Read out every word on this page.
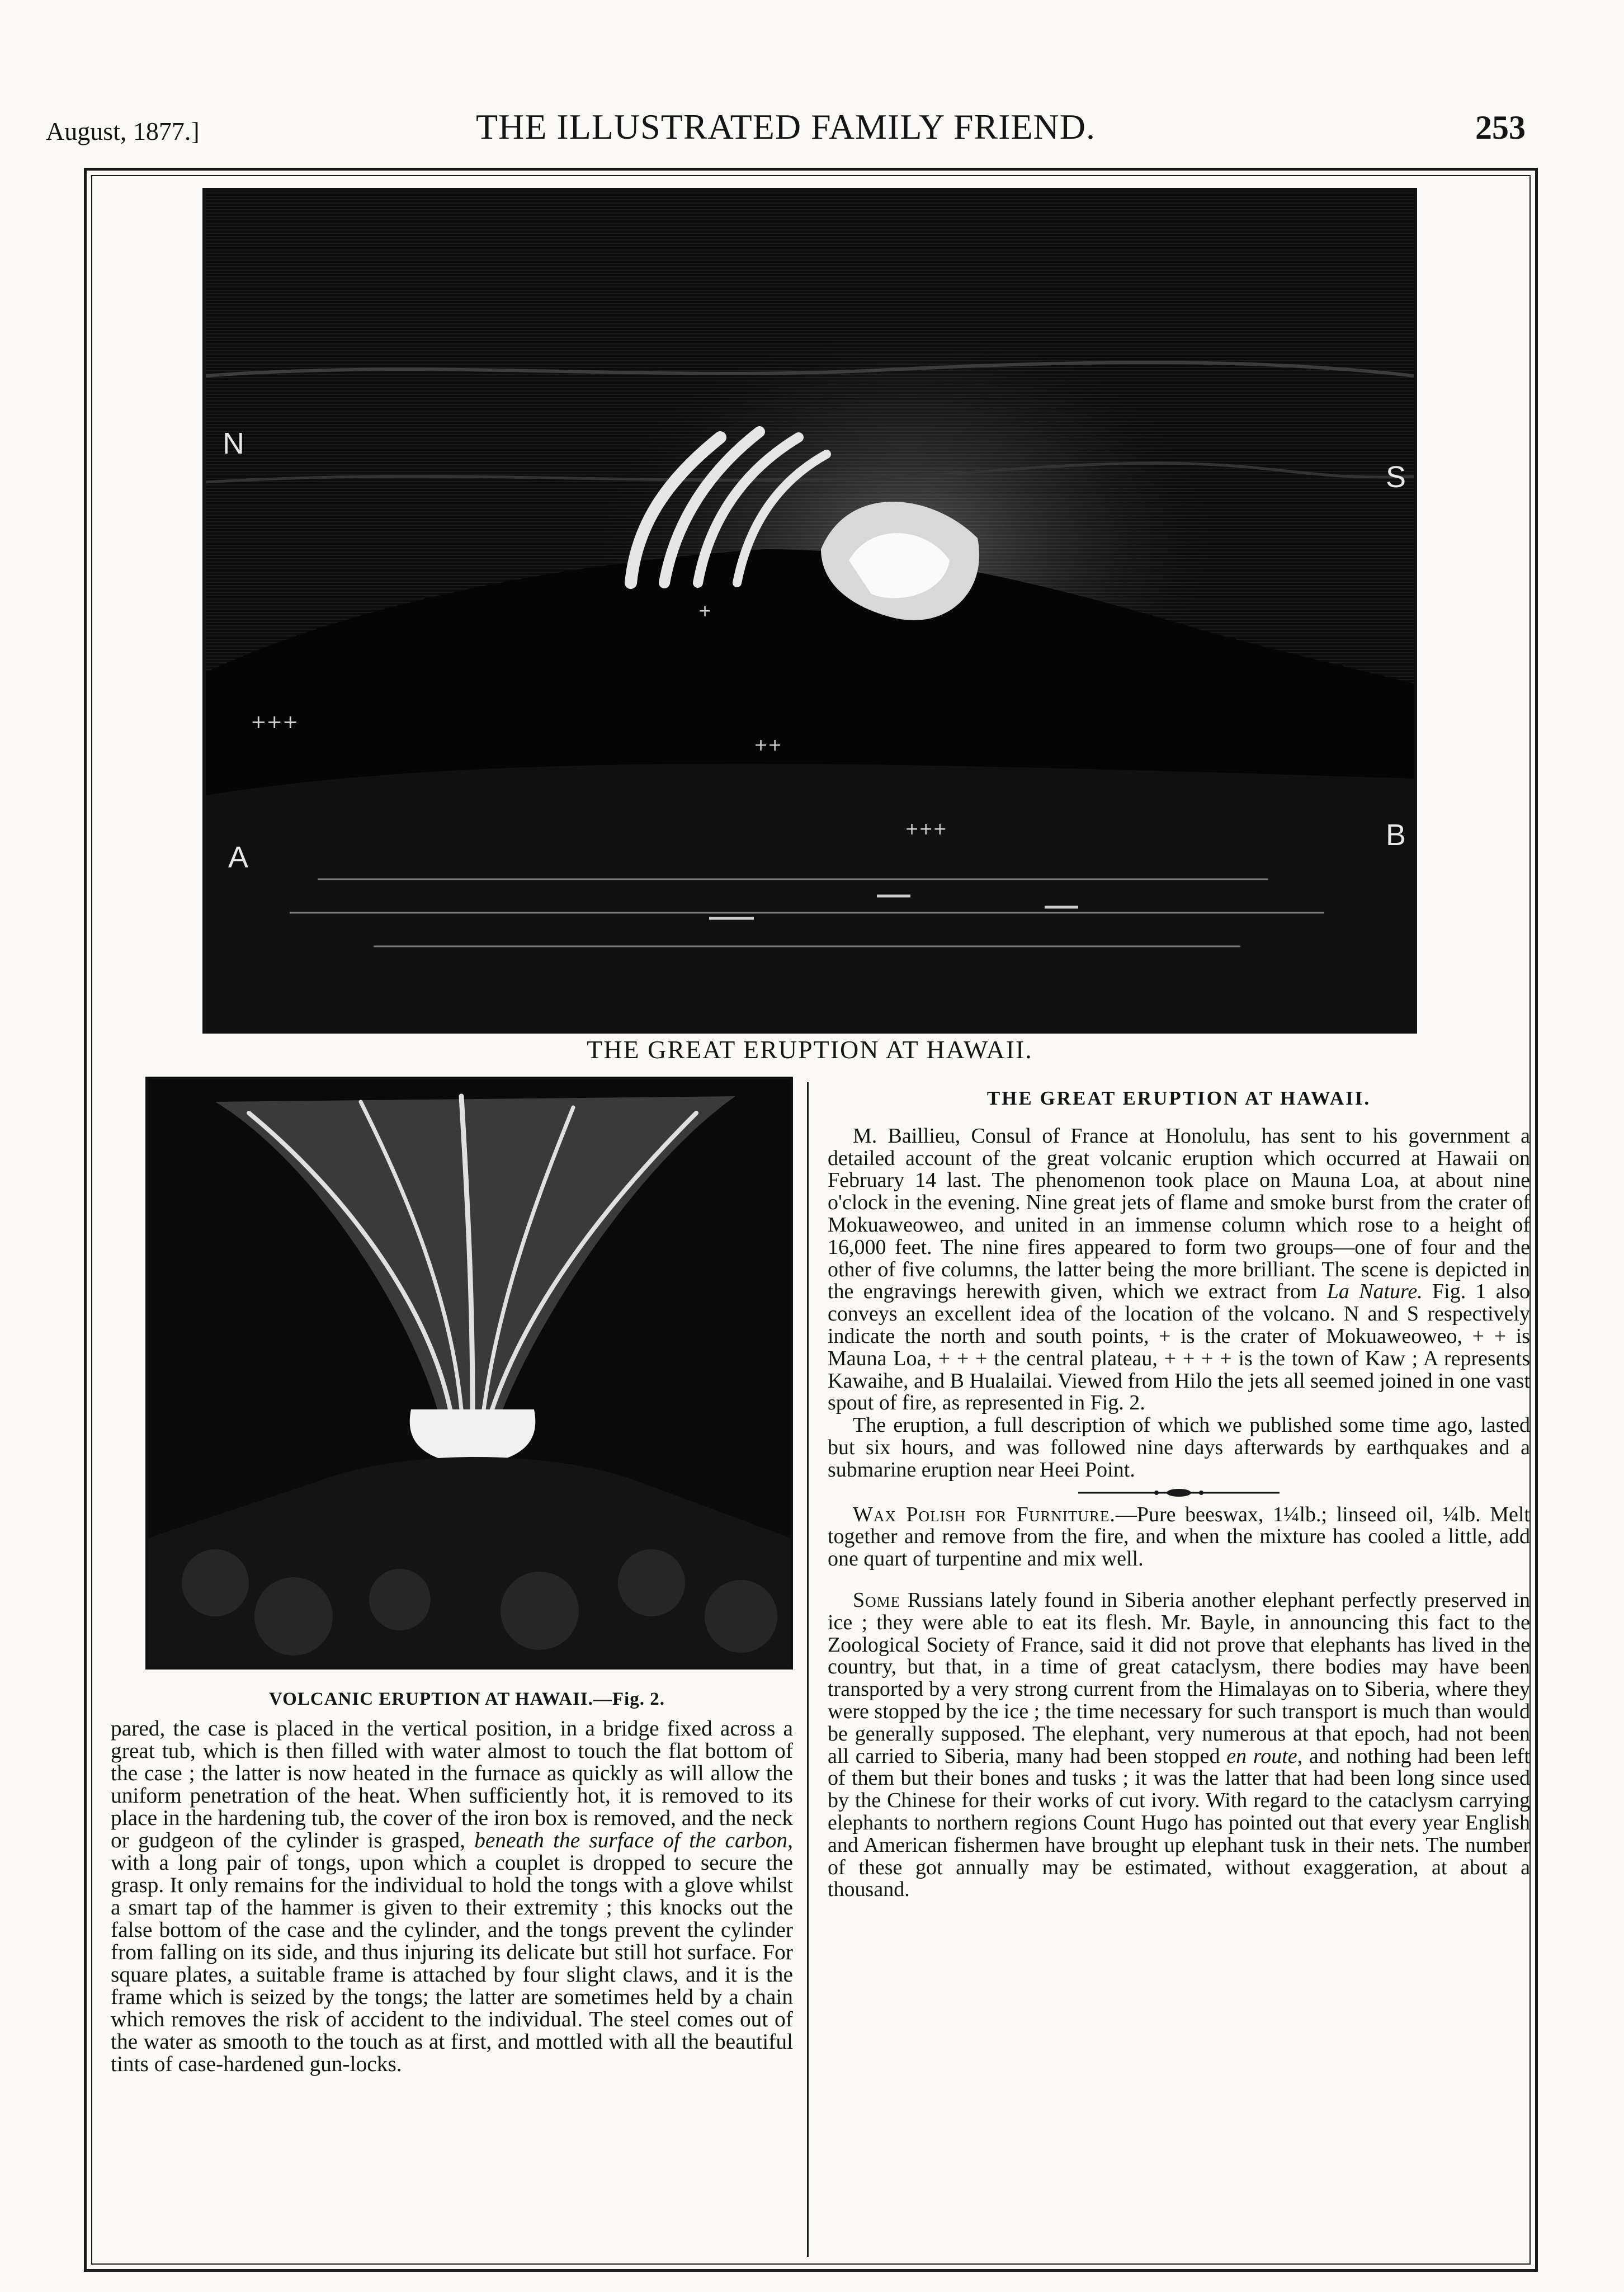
August, 1877.]	THE ILLUSTRATED FAMILY FRIEND.	253
+++
++
+
+++
N
S
A
B
THE GREAT ERUPTION AT HAWAII.
VOLCANIC ERUPTION AT HAWAII.—Fig. 2.

pared, the case is placed in the vertical position, in a bridge fixed across a great tub, which is then filled with water almost to touch the flat bottom of the case ; the latter is now heated in the furnace as quickly as will allow the uniform penetration of the heat. When sufficiently hot, it is removed to its place in the hardening tub, the cover of the iron box is removed, and the neck or gudgeon of the cylinder is grasped, beneath the surface of the carbon, with a long pair of tongs, upon which a couplet is dropped to secure the grasp. It only remains for the individual to hold the tongs with a glove whilst a smart tap of the hammer is given to their extremity ; this knocks out the false bottom of the case and the cylinder, and the tongs prevent the cylinder from falling on its side, and thus injuring its delicate but still hot surface. For square plates, a suitable frame is attached by four slight claws, and it is the frame which is seized by the tongs; the latter are sometimes held by a chain which removes the risk of accident to the individual. The steel comes out of the water as smooth to the touch as at first, and mottled with all the beautiful tints of case-hardened gun-locks.

THE GREAT ERUPTION AT HAWAII.

M. Baillieu, Consul of France at Honolulu, has sent to his government a detailed account of the great volcanic eruption which occurred at Hawaii on February 14 last. The phenomenon took place on Mauna Loa, at about nine o'clock in the evening. Nine great jets of flame and smoke burst from the crater of Mokuaweoweo, and united in an immense column which rose to a height of 16,000 feet. The nine fires appeared to form two groups—one of four and the other of five columns, the latter being the more brilliant. The scene is depicted in the engravings herewith given, which we extract from La Nature. Fig. 1 also conveys an excellent idea of the location of the volcano. N and S respectively indicate the north and south points, + is the crater of Mokuaweoweo, + + is Mauna Loa, + + + the central plateau, + + + + is the town of Kaw ; A represents Kawaihe, and B Hualailai. Viewed from Hilo the jets all seemed joined in one vast spout of fire, as represented in Fig. 2.

The eruption, a full description of which we published some time ago, lasted but six hours, and was followed nine days afterwards by earthquakes and a submarine eruption near Heei Point.

Wax Polish for Furniture.—Pure beeswax, 1¼lb.; linseed oil, ¼lb. Melt together and remove from the fire, and when the mixture has cooled a little, add one quart of turpentine and mix well.

Some Russians lately found in Siberia another elephant perfectly preserved in ice ; they were able to eat its flesh. Mr. Bayle, in announcing this fact to the Zoological Society of France, said it did not prove that elephants has lived in the country, but that, in a time of great cataclysm, there bodies may have been transported by a very strong current from the Himalayas on to Siberia, where they were stopped by the ice ; the time necessary for such transport is much than would be generally supposed. The elephant, very numerous at that epoch, had not been all carried to Siberia, many had been stopped en route, and nothing had been left of them but their bones and tusks ; it was the latter that had been long since used by the Chinese for their works of cut ivory. With regard to the cataclysm carrying elephants to northern regions Count Hugo has pointed out that every year English and American fishermen have brought up elephant tusk in their nets. The number of these got annually may be estimated, without exaggeration, at about a thousand.
